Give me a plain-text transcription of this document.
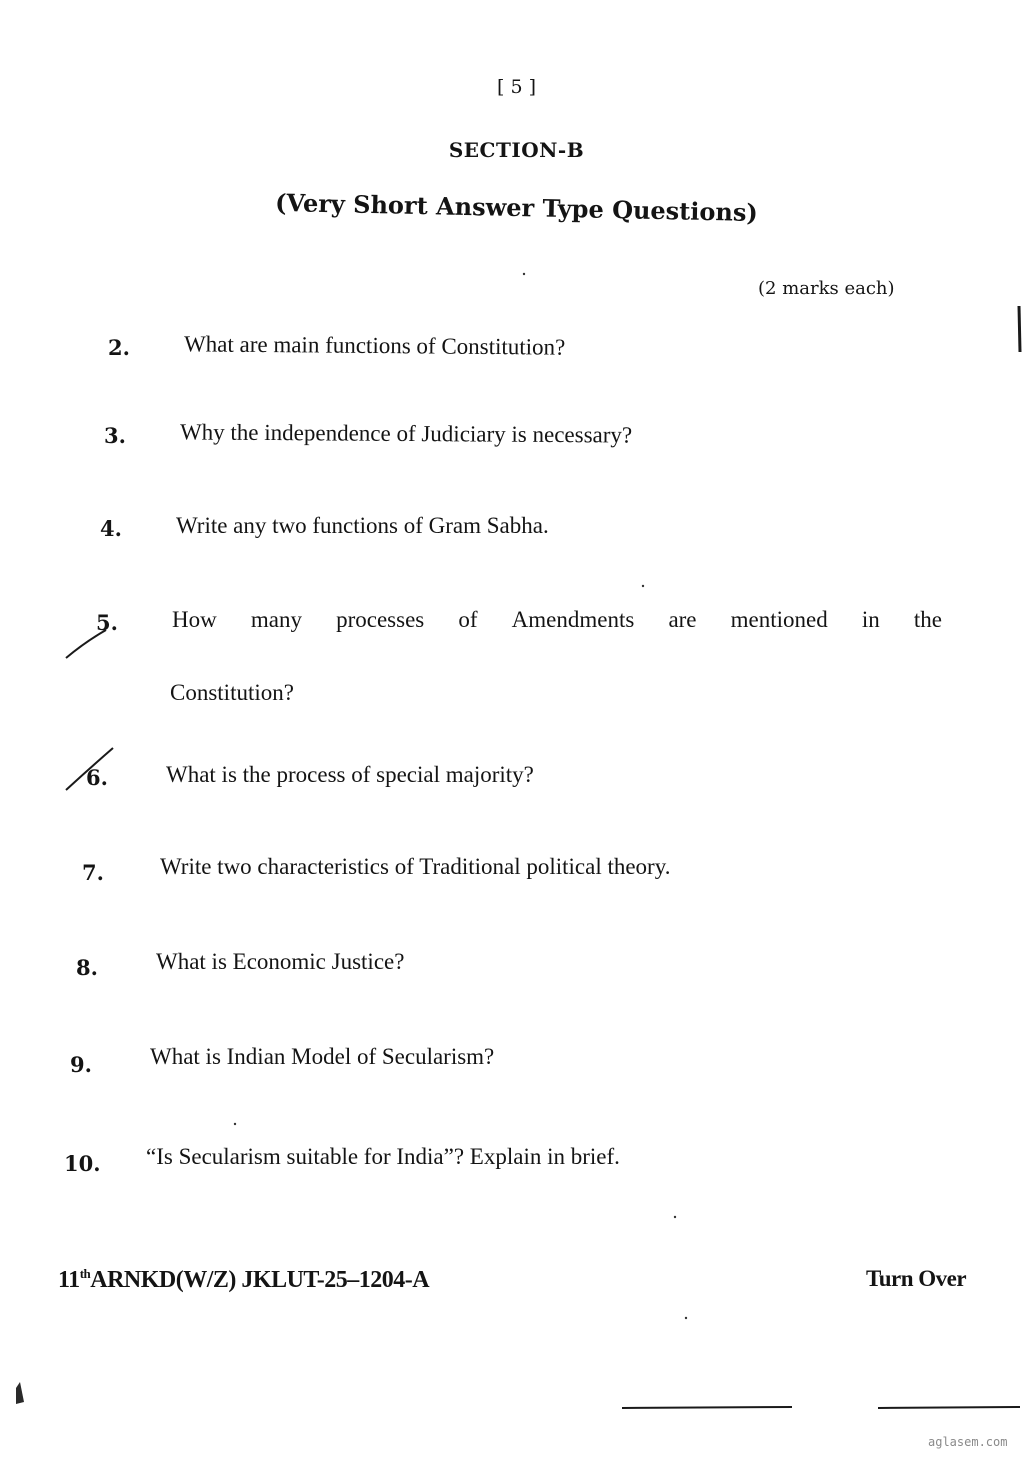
[ 5 ]
SECTION-B
(Very Short Answer Type Questions)
(2 marks each)
2. What are main functions of Constitution?
3. Why the independence of Judiciary is necessary?
4. Write any two functions of Gram Sabha.
5. How many processes of Amendments are mentioned in the
Constitution?
6.	What is the process of special majority?
7. Write two characteristics of Traditional political theory.
8.	What is Economic Justice?
9.	What is Indian Model of Secularism?
10. “Is Secularism suitable for India”? Explain in brief.
11thARNKD(W/Z) JKLUT-25–1204-A	Turn Over
aglasem.com
